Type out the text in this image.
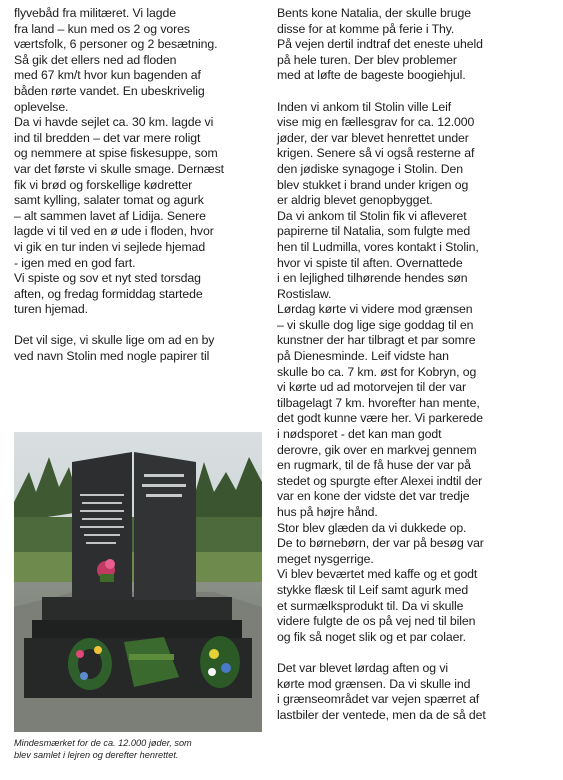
flyvebåd fra militæret. Vi lagde
fra land – kun med os 2 og vores
værtsfolk, 6 personer og 2 besætning.
Så gik det ellers ned ad floden
med 67 km/t hvor kun bagenden af
båden rørte vandet. En ubeskrivelig
oplevelse.
Da vi havde sejlet ca. 30 km. lagde vi
ind til bredden – det var mere roligt
og nemmere at spise fiskesuppe, som
var det første vi skulle smage. Dernæst
fik vi brød og forskellige kødretter
samt kylling, salater tomat og agurk
– alt sammen lavet af Lidija. Senere
lagde vi til ved en ø ude i floden, hvor
vi gik en tur inden vi sejlede hjemad
- igen med en god fart.
Vi spiste og sov et nyt sted torsdag
aften, og fredag formiddag startede
turen hjemad.
Det vil sige, vi skulle lige om ad en by
ved navn Stolin med nogle papirer til
Bents kone Natalia, der skulle bruge
disse for at komme på ferie i Thy.
På vejen dertil indtraf det eneste uheld
på hele turen. Der blev problemer
med at løfte de bageste boogiehjul.
Inden vi ankom til Stolin ville Leif
vise mig en fællesgrav for ca. 12.000
jøder, der var blevet henrettet under
krigen. Senere så vi også resterne af
den jødiske synagoge i Stolin. Den
blev stukket i brand under krigen og
er aldrig blevet genopbygget.
Da vi ankom til Stolin fik vi afleveret
papirerne til Natalia, som fulgte med
hen til Ludmilla, vores kontakt i Stolin,
hvor vi spiste til aften. Overnattede
i en lejlighed tilhørende hendes søn
Rostislaw.
Lørdag kørte vi videre mod grænsen
– vi skulle dog lige sige goddag til en
kunstner der har tilbragt et par somre
på Dienesminde. Leif vidste han
skulle bo ca. 7 km. øst for Kobryn, og
vi kørte ud ad motorvejen til der var
tilbagelagt 7 km. hvorefter han mente,
det godt kunne være her. Vi parkerede
i nødsporet - det kan man godt
derovre, gik over en markvej gennem
en rugmark, til de få huse der var på
stedet og spurgte efter Alexei indtil der
var en kone der vidste det var tredje
hus på højre hånd.
Stor blev glæden da vi dukkede op.
De to børnebørn, der var på besøg var
meget nysgerrige.
Vi blev beværtet med kaffe og et godt
stykke flæsk til Leif samt agurk med
et surmælksprodukt til. Da vi skulle
videre fulgte de os på vej ned til bilen
og fik så noget slik og et par colaer.
Det var blevet lørdag aften og vi
kørte mod grænsen. Da vi skulle ind
i grænseområdet var vejen spærret af
lastbiler der ventede, men da de så det
Mindesmærket for de ca. 12.000 jøder, som
blev samlet i lejren og derefter henrettet.
